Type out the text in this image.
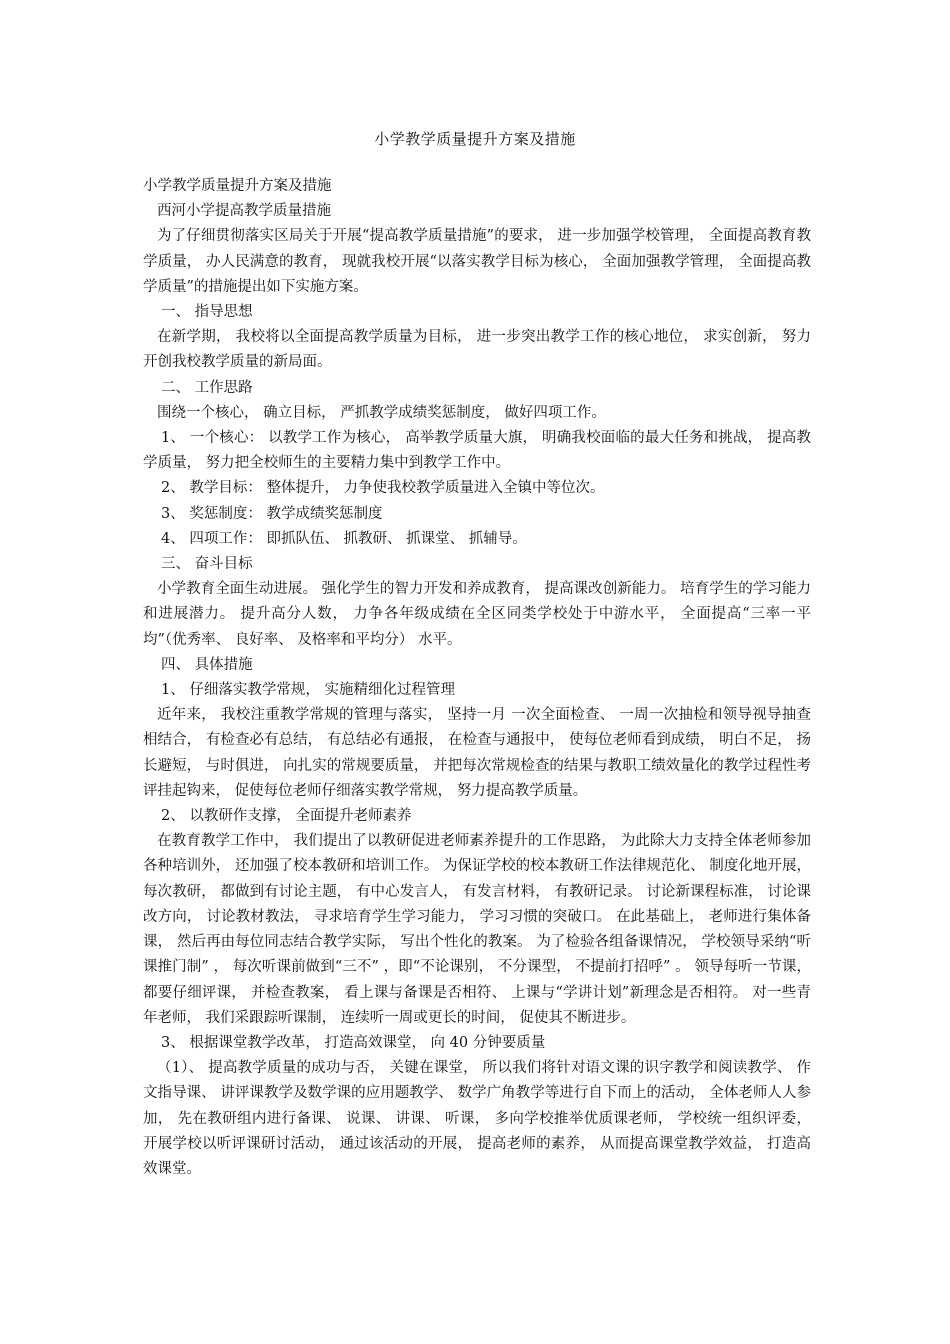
小学教学质量提升方案及措施

小学教学质量提升方案及措施

西河小学提高教学质量措施

为了仔细贯彻落实区局关于开展“提高教学质量措施”的要求， 进一步加强学校管理， 全面提高教育教学质量， 办人民满意的教育， 现就我校开展“以落实教学目标为核心， 全面加强教学管理， 全面提高教学质量”的措施提出如下实施方案。

一、 指导思想

在新学期， 我校将以全面提高教学质量为目标， 进一步突出教学工作的核心地位， 求实创新， 努力开创我校教学质量的新局面。

二、 工作思路

围绕一个核心， 确立目标， 严抓教学成绩奖惩制度， 做好四项工作。

1、 一个核心： 以教学工作为核心， 高举教学质量大旗， 明确我校面临的最大任务和挑战， 提高教学质量， 努力把全校师生的主要精力集中到教学工作中。

2、 教学目标： 整体提升， 力争使我校教学质量进入全镇中等位次。

3、 奖惩制度： 教学成绩奖惩制度

4、 四项工作： 即抓队伍、 抓教研、 抓课堂、 抓辅导。

三、 奋斗目标

小学教育全面生动进展。 强化学生的智力开发和养成教育， 提高课改创新能力。 培育学生的学习能力和进展潜力。 提升高分人数， 力争各年级成绩在全区同类学校处于中游水平， 全面提高“三率一平均”（优秀率、 良好率、 及格率和平均分） 水平。

四、 具体措施

1、 仔细落实教学常规， 实施精细化过程管理

近年来， 我校注重教学常规的管理与落实， 坚持一月 一次全面检查、 一周一次抽检和领导视导抽查相结合， 有检查必有总结， 有总结必有通报， 在检查与通报中， 使每位老师看到成绩， 明白不足， 扬长避短， 与时俱进， 向扎实的常规要质量， 并把每次常规检查的结果与教职工绩效量化的教学过程性考评挂起钩来， 促使每位老师仔细落实教学常规， 努力提高教学质量。

2、 以教研作支撑， 全面提升老师素养

在教育教学工作中， 我们提出了以教研促进老师素养提升的工作思路， 为此除大力支持全体老师参加各种培训外， 还加强了校本教研和培训工作。 为保证学校的校本教研工作法律规范化、 制度化地开展， 每次教研， 都做到有讨论主题， 有中心发言人， 有发言材料， 有教研记录。 讨论新课程标准， 讨论课改方向， 讨论教材教法， 寻求培育学生学习能力， 学习习惯的突破口。 在此基础上， 老师进行集体备课， 然后再由每位同志结合教学实际， 写出个性化的教案。 为了检验各组备课情况， 学校领导采纳“听课推门制” ， 每次听课前做到“三不” ，即“不论课别， 不分课型， 不提前打招呼” 。 领导每听一节课， 都要仔细评课， 并检查教案， 看上课与备课是否相符、 上课与“学讲计划”新理念是否相符。 对一些青年老师， 我们采跟踪听课制， 连续听一周或更长的时间， 促使其不断进步。

3、 根据课堂教学改革， 打造高效课堂， 向 40 分钟要质量

（1）、 提高教学质量的成功与否， 关键在课堂， 所以我们将针对语文课的识字教学和阅读教学、 作文指导课、 讲评课教学及数学课的应用题教学、 数学广角教学等进行自下而上的活动， 全体老师人人参加， 先在教研组内进行备课、 说课、 讲课、 听课， 多向学校推举优质课老师， 学校统一组织评委， 开展学校以听评课研讨活动， 通过该活动的开展， 提高老师的素养， 从而提高课堂教学效益， 打造高效课堂。
